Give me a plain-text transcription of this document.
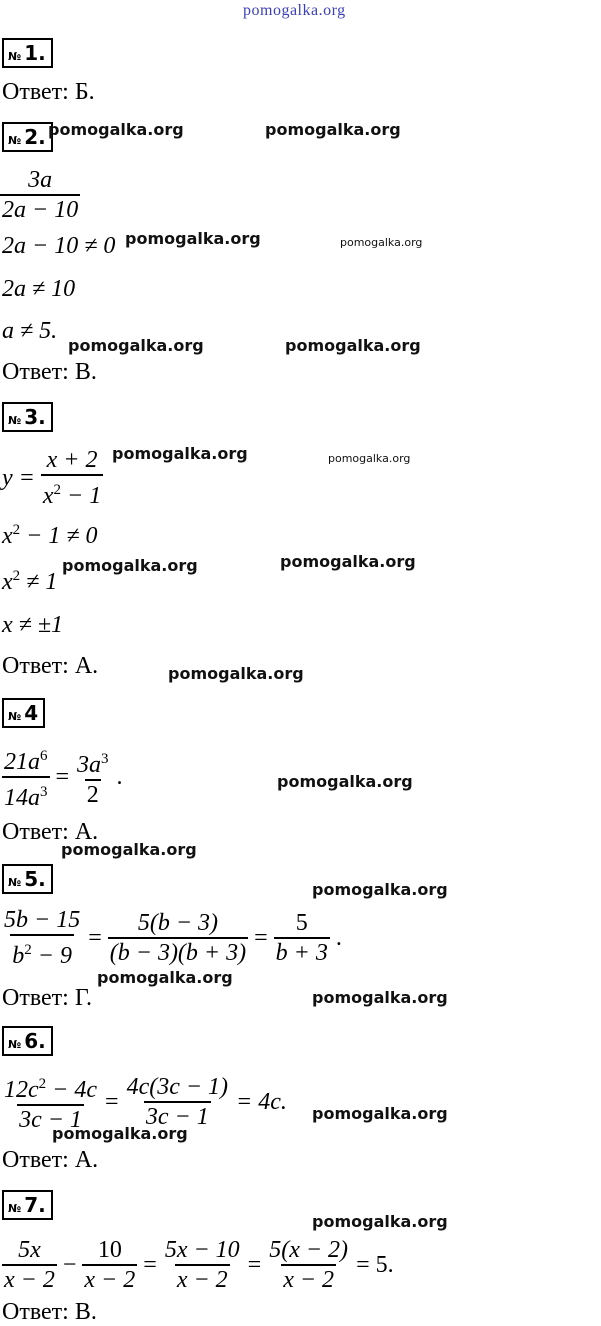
pomogalka.org
№ 1.
Ответ: Б.
№ 2. pomogalka.org	pomogalka.org
$\frac{3a}{2a - 10}$
2a − 10 ≠ 0 pomogalka.org	pomogalka.org
2a ≠ 10
a ≠ 5.
pomogalka.org	pomogalka.org
Ответ: В.
№ 3.
pomogalka.org	pomogalka.org
$y = \frac{x + 2}{x^2 - 1}$
$x^2 - 1 \ne 0$
pomogalka.org	pomogalka.org
$x^2 \ne 1$
x ≠ ±1
Ответ: А.	pomogalka.org
№ 4
$\frac{21a^6}{14a^3} = \frac{3a^3}{2}$ .	pomogalka.org
Ответ: А.
pomogalka.org
№ 5.	pomogalka.org
$\frac{5b - 15}{b^2 - 9} = \frac{5(b - 3)}{(b - 3)(b + 3)} = \frac{5}{b + 3}$ .
pomogalka.org
Ответ: Г.	pomogalka.org
№ 6.
$\frac{12c^2 - 4c}{3c - 1} = \frac{4c(3c - 1)}{3c - 1} = 4c$. pomogalka.org
pomogalka.org
Ответ: А.
№ 7.
pomogalka.org
$\frac{5x}{x - 2} - \frac{10}{x - 2} = \frac{5x - 10}{x - 2} = \frac{5(x - 2)}{x - 2} = 5$.
Ответ: В.
